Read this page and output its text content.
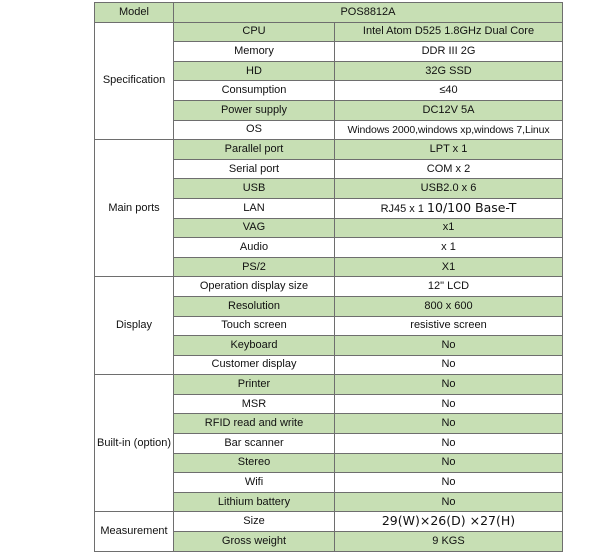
Model	POS8812A	
Specification	CPU	Intel Atom D525 1.8GHz Dual Core
	Memory	DDR III 2G
	HD	32G SSD
	Consumption	≤40
	Power supply	DC12V 5A
	OS	Windows 2000,windows xp,windows 7,Linux
Main ports	Parallel port	LPT x 1
	Serial port	COM x 2
	USB	USB2.0 x 6
	LAN	RJ45 x 1 10/100 Base-T
	VAG	x1
	Audio	x 1
	PS/2	X1
Display	Operation display size	12" LCD
	Resolution	800 x 600
	Touch screen	resistive screen
	Keyboard	No
	Customer display	No
Built-in (option)	Printer	No
	MSR	No
	RFID read and write	No
	Bar scanner	No
	Stereo	No
	Wifi	No
	Lithium battery	No
Measurement	Size	29(W)×26(D) ×27(H)
	Gross weight	9 KGS
